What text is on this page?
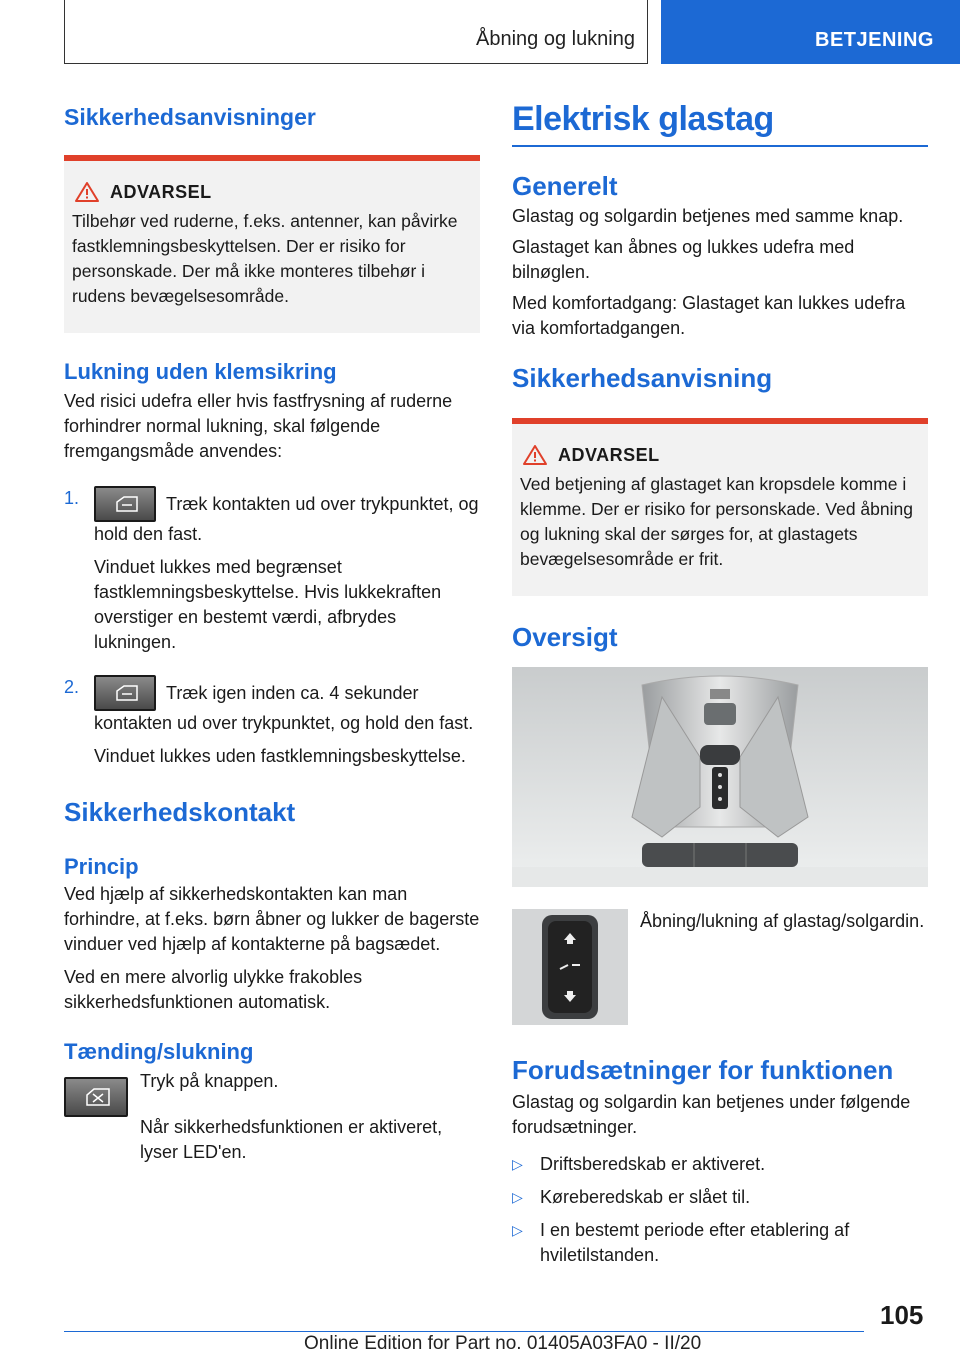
Åbning og lukning	BETJENING
Sikkerhedsanvisninger
ADVARSEL

Tilbehør ved ruderne, f.eks. antenner, kan påvirke fastklemningsbeskyttelsen. Der er risiko for personskade. Der må ikke monteres tilbehør i rudens bevægelsesområde.

Lukning uden klemsikring

Ved risici udefra eller hvis fastfrysning af ruderne forhindrer normal lukning, skal følgende fremgangsmåde anvendes:

1.	Træk kontakten ud over trykpunktet, og hold den fast.

Vinduet lukkes med begrænset fastklemningsbeskyttelse. Hvis lukkekraften overstiger en bestemt værdi, afbrydes lukningen.

2.	Træk igen inden ca. 4 sekunder kontakten ud over trykpunktet, og hold den fast.

Vinduet lukkes uden fastklemningsbeskyttelse.

Sikkerhedskontakt
Princip

Ved hjælp af sikkerhedskontakten kan man forhindre, at f.eks. børn åbner og lukker de bagerste vinduer ved hjælp af kontakterne på bagsædet.

Ved en mere alvorlig ulykke frakobles sikkerhedsfunktionen automatisk.

Tænding/slukning

Tryk på knappen.

Når sikkerhedsfunktionen er aktiveret, lyser LED'en.

Elektrisk glastag
Generelt

Glastag og solgardin betjenes med samme knap.

Glastaget kan åbnes og lukkes udefra med bilnøglen.

Med komfortadgang: Glastaget kan lukkes udefra via komfortadgangen.

Sikkerhedsanvisning
ADVARSEL

Ved betjening af glastaget kan kropsdele komme i klemme. Der er risiko for personskade. Ved åbning og lukning skal der sørges for, at glastagets bevægelsesområde er frit.

Oversigt

Åbning/lukning af glastag/solgardin.

Forudsætninger for funktionen

Glastag og solgardin kan betjenes under følgende forudsætninger.

▷ Driftsberedskab er aktiveret.

▷ Køreberedskab er slået til.

▷ I en bestemt periode efter etablering af hviletilstanden.

105
Online Edition for Part no. 01405A03FA0 - II/20
